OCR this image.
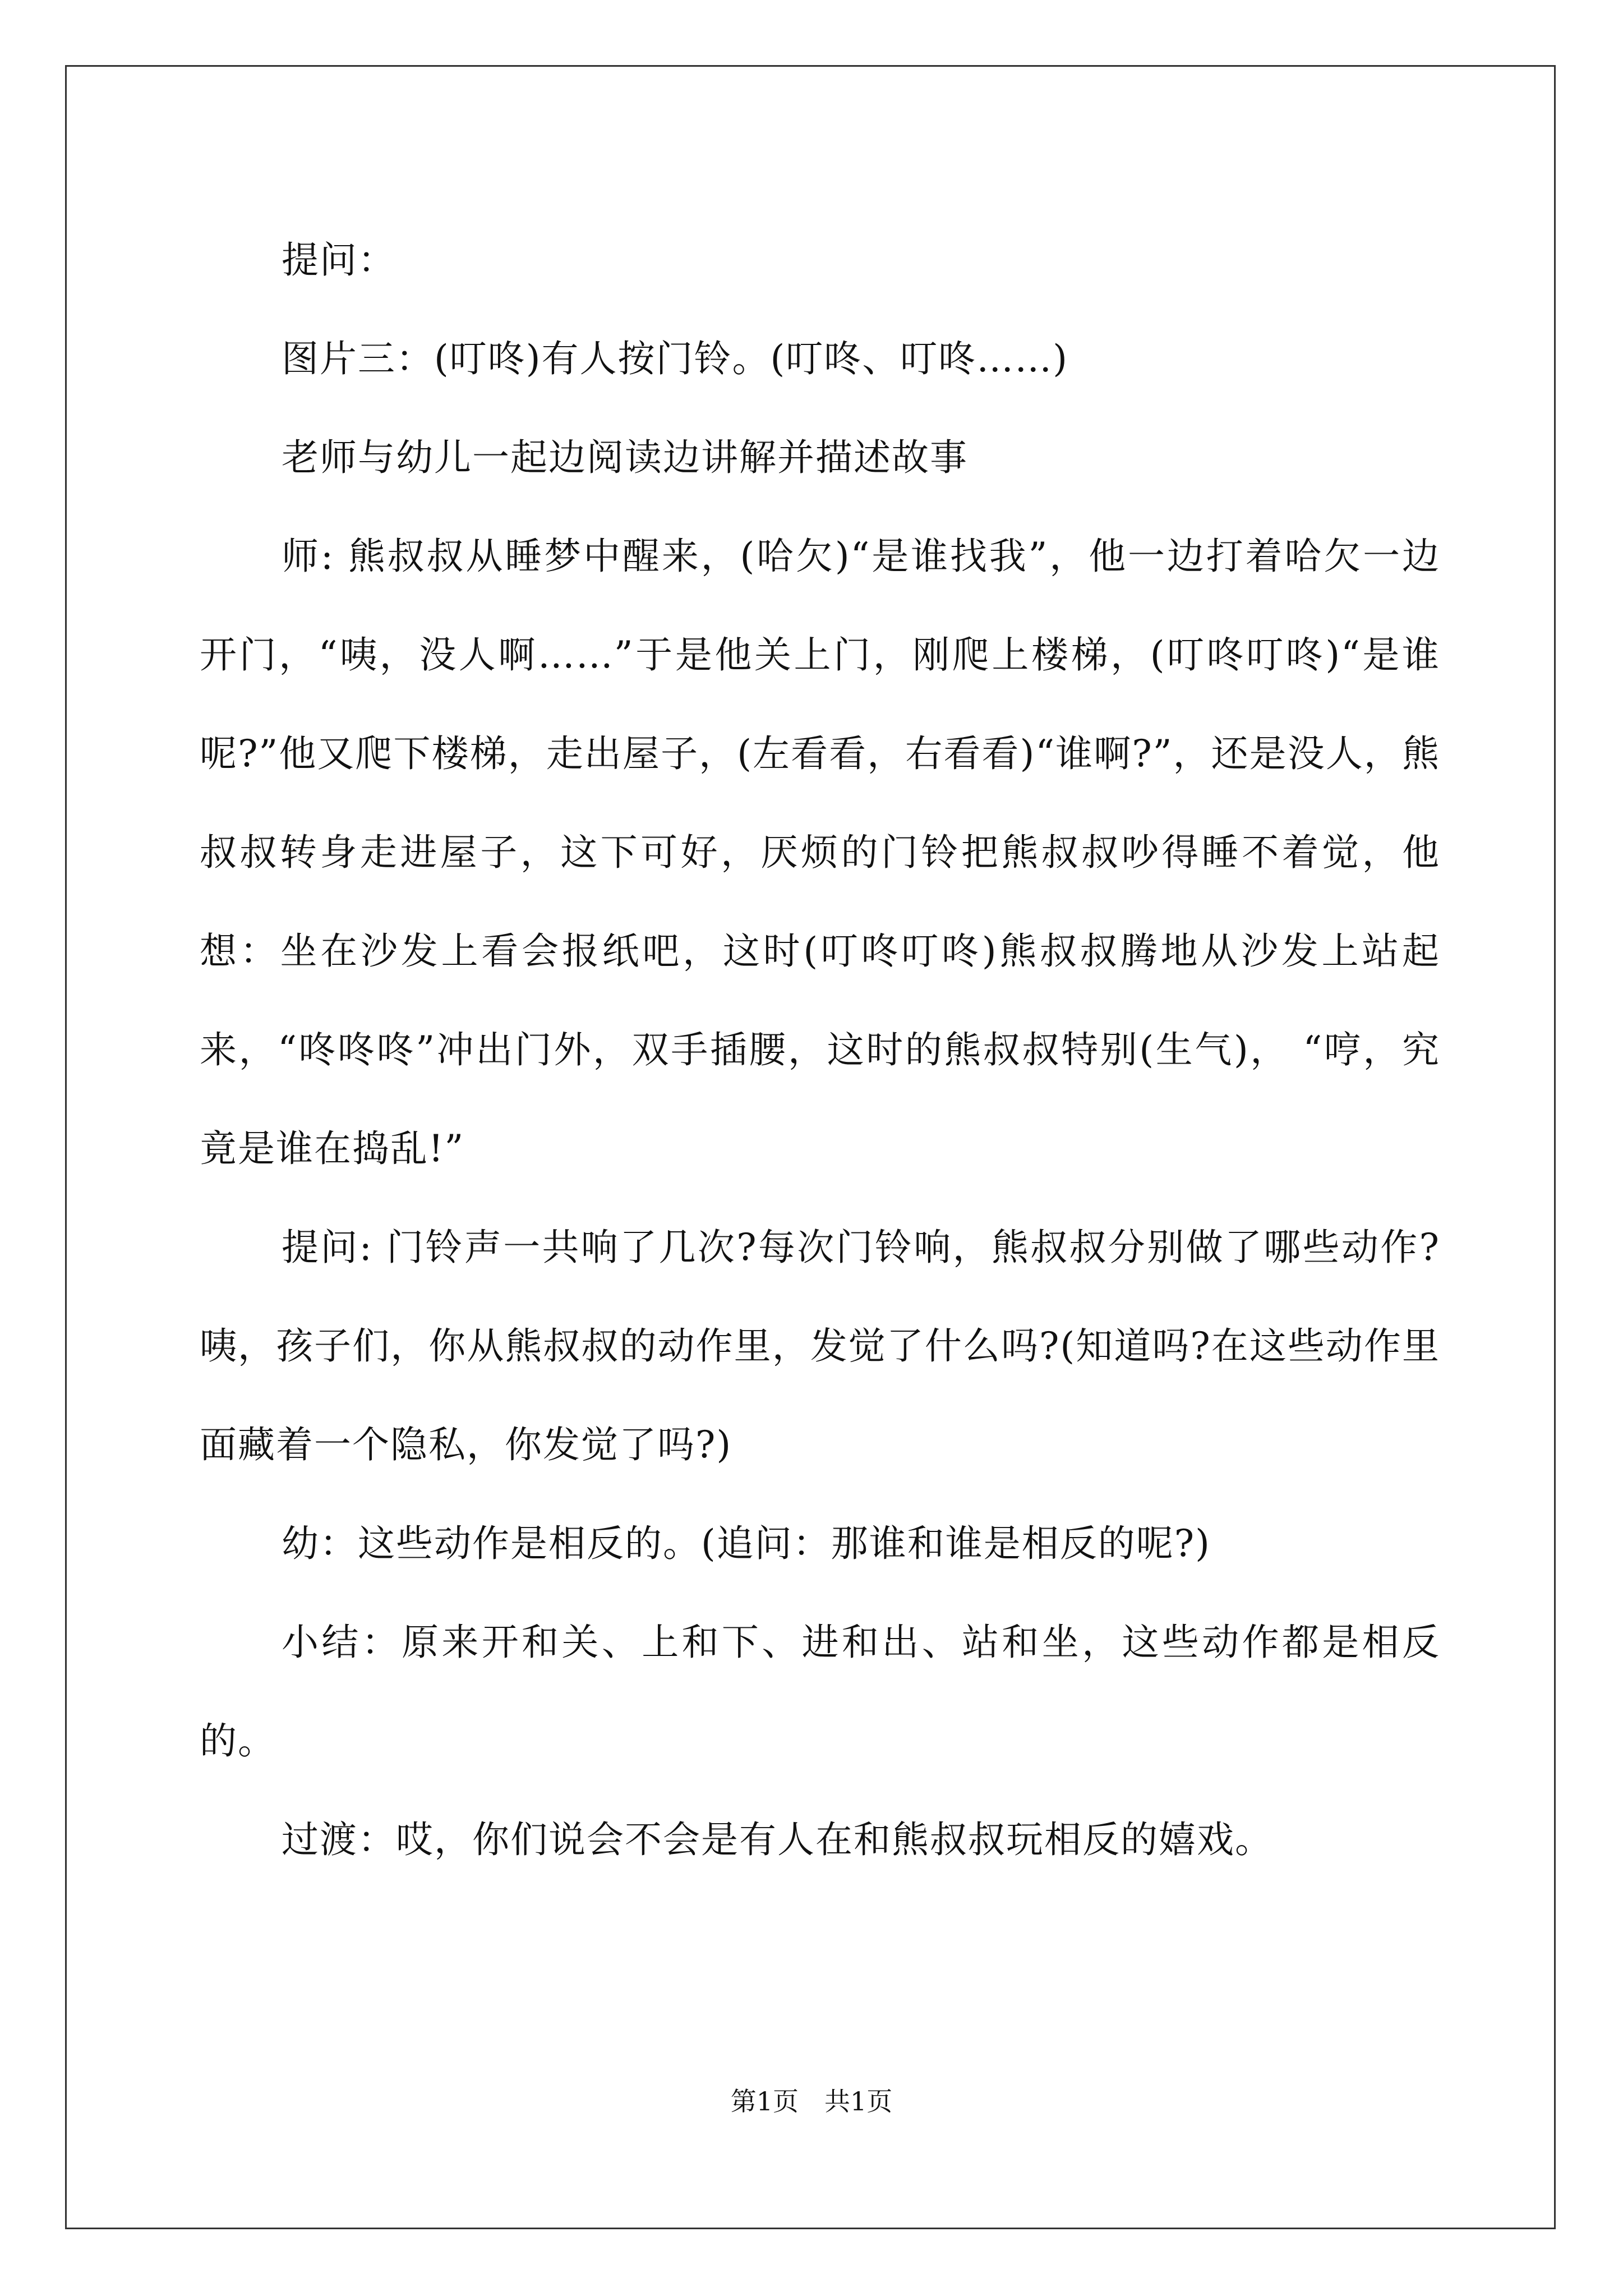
提问：

图片三：(叮咚)有人按门铃。(叮咚、叮咚……)

老师与幼儿一起边阅读边讲解并描述故事

师: 熊叔叔从睡梦中醒来，(哈欠)“是谁找我”，他一边打着哈欠一边开门，“咦，没人啊……”于是他关上门，刚爬上楼梯，(叮咚叮咚)“是谁呢?”他又爬下楼梯，走出屋子，(左看看，右看看)“谁啊?”，还是没人，熊叔叔转身走进屋子，这下可好，厌烦的门铃把熊叔叔吵得睡不着觉，他想：坐在沙发上看会报纸吧，这时(叮咚叮咚)熊叔叔腾地从沙发上站起来，“咚咚咚”冲出门外，双手插腰，这时的熊叔叔特别(生气)， “哼，究竟是谁在捣乱!”

提问: 门铃声一共响了几次?每次门铃响，熊叔叔分别做了哪些动作?咦，孩子们，你从熊叔叔的动作里，发觉了什么吗?(知道吗?在这些动作里面藏着一个隐私，你发觉了吗?)

幼：这些动作是相反的。(追问：那谁和谁是相反的呢?)

小结：原来开和关、上和下、进和出、站和坐，这些动作都是相反的。

过渡：哎，你们说会不会是有人在和熊叔叔玩相反的嬉戏。

第1页 共1页
